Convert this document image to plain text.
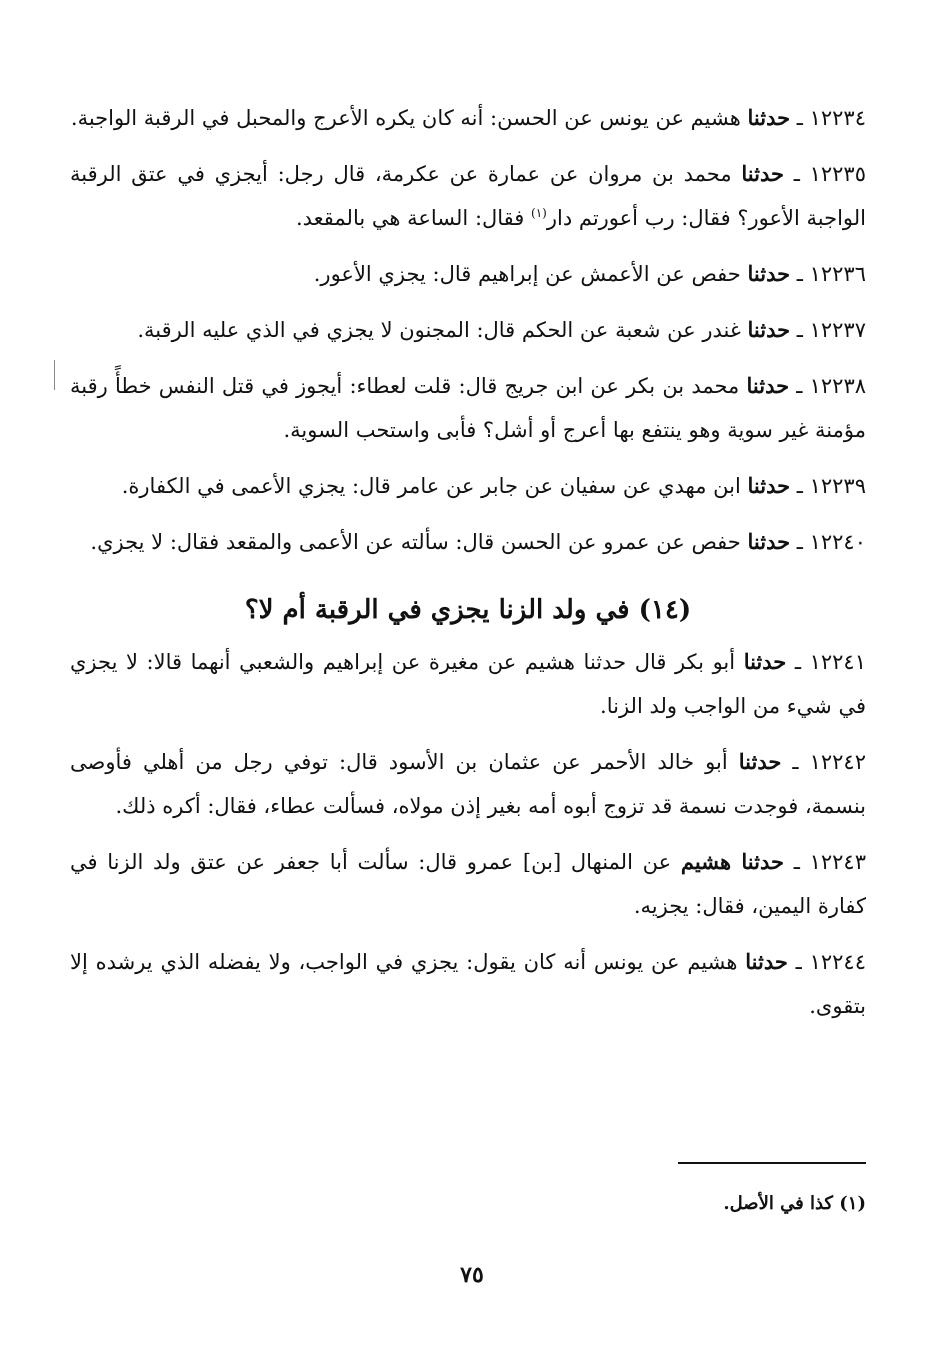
١٢٢٣٤ ـ حدثنا هشيم عن يونس عن الحسن: أنه كان يكره الأعرج والمحبل في الرقبة الواجبة.

١٢٢٣٥ ـ حدثنا محمد بن مروان عن عمارة عن عكرمة، قال رجل: أيجزي في عتق الرقبة الواجبة الأعور؟ فقال: رب أعورتم دار$^{(١)}$ فقال: الساعة هي بالمقعد.

١٢٢٣٦ ـ حدثنا حفص عن الأعمش عن إبراهيم قال: يجزي الأعور.

١٢٢٣٧ ـ حدثنا غندر عن شعبة عن الحكم قال: المجنون لا يجزي في الذي عليه الرقبة.

١٢٢٣٨ ـ حدثنا محمد بن بكر عن ابن جريج قال: قلت لعطاء: أيجوز في قتل النفس خطأً رقبة مؤمنة غير سوية وهو ينتفع بها أعرج أو أشل؟ فأبى واستحب السوية.

١٢٢٣٩ ـ حدثنا ابن مهدي عن سفيان عن جابر عن عامر قال: يجزي الأعمى في الكفارة.

١٢٢٤٠ ـ حدثنا حفص عن عمرو عن الحسن قال: سألته عن الأعمى والمقعد فقال: لا يجزي.

(١٤) في ولد الزنا يجزي في الرقبة أم لا؟

١٢٢٤١ ـ حدثنا أبو بكر قال حدثنا هشيم عن مغيرة عن إبراهيم والشعبي أنهما قالا: لا يجزي في شيء من الواجب ولد الزنا.

١٢٢٤٢ ـ حدثنا أبو خالد الأحمر عن عثمان بن الأسود قال: توفي رجل من أهلي فأوصى بنسمة، فوجدت نسمة قد تزوج أبوه أمه بغير إذن مولاه، فسألت عطاء، فقال: أكره ذلك.

١٢٢٤٣ ـ حدثنا هشيم عن المنهال [بن] عمرو قال: سألت أبا جعفر عن عتق ولد الزنا في كفارة اليمين، فقال: يجزيه.

١٢٢٤٤ ـ حدثنا هشيم عن يونس أنه كان يقول: يجزي في الواجب، ولا يفضله الذي يرشده إلا بتقوى.

(١) كذا في الأصل.
٧٥
